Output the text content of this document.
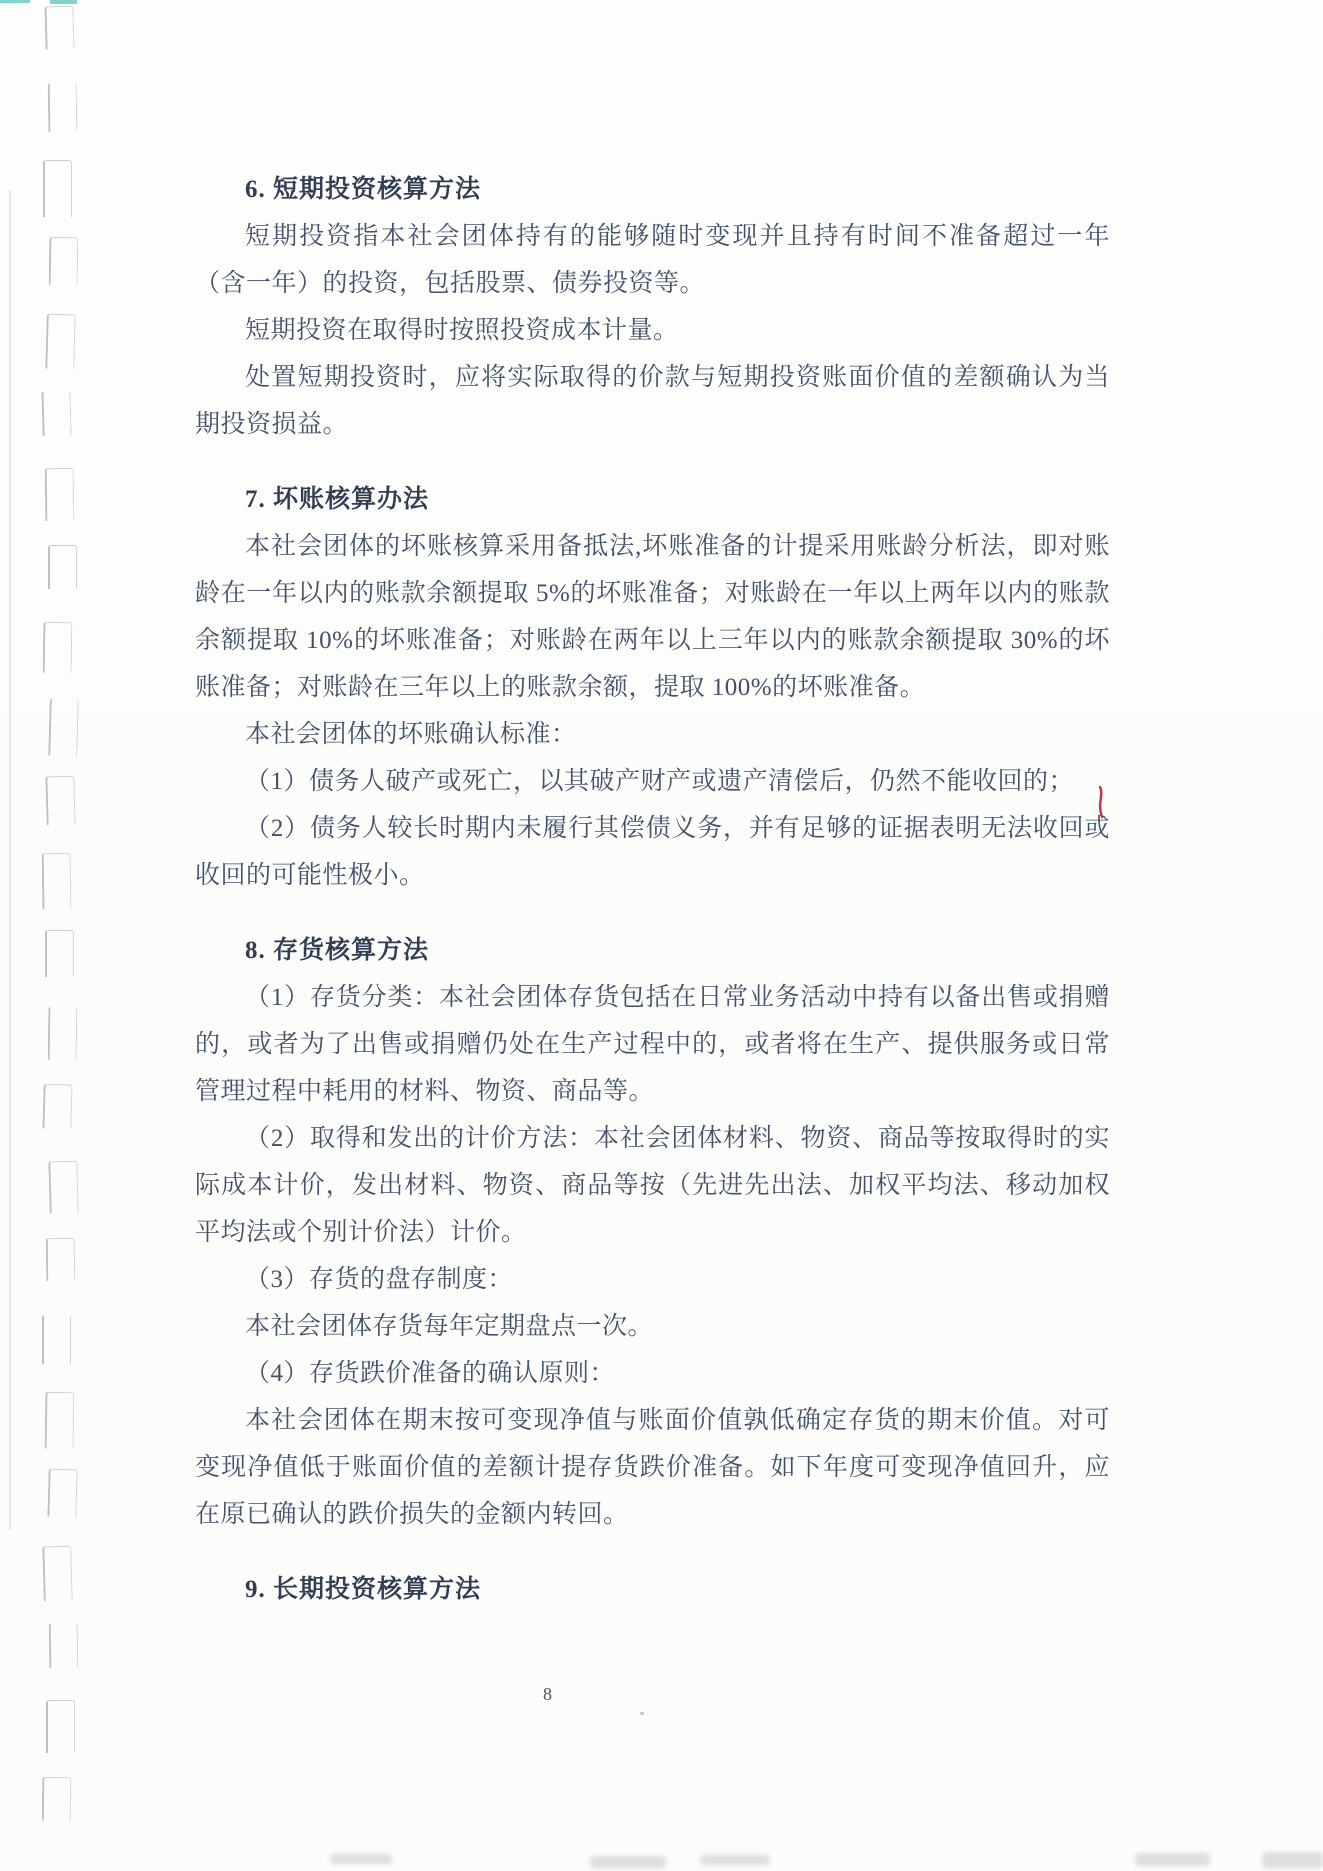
6. 短期投资核算方法

短期投资指本社会团体持有的能够随时变现并且持有时间不准备超过一年（含一年）的投资，包括股票、债券投资等。

短期投资在取得时按照投资成本计量。

处置短期投资时，应将实际取得的价款与短期投资账面价值的差额确认为当期投资损益。

7. 坏账核算办法

本社会团体的坏账核算采用备抵法,坏账准备的计提采用账龄分析法，即对账龄在一年以内的账款余额提取 5%的坏账准备；对账龄在一年以上两年以内的账款余额提取 10%的坏账准备；对账龄在两年以上三年以内的账款余额提取 30%的坏账准备；对账龄在三年以上的账款余额，提取 100%的坏账准备。

本社会团体的坏账确认标准：

（1）债务人破产或死亡，以其破产财产或遗产清偿后，仍然不能收回的；

（2）债务人较长时期内未履行其偿债义务，并有足够的证据表明无法收回或收回的可能性极小。

8. 存货核算方法

（1）存货分类：本社会团体存货包括在日常业务活动中持有以备出售或捐赠的，或者为了出售或捐赠仍处在生产过程中的，或者将在生产、提供服务或日常管理过程中耗用的材料、物资、商品等。

（2）取得和发出的计价方法：本社会团体材料、物资、商品等按取得时的实际成本计价，发出材料、物资、商品等按（先进先出法、加权平均法、移动加权平均法或个别计价法）计价。

（3）存货的盘存制度：

本社会团体存货每年定期盘点一次。

（4）存货跌价准备的确认原则：

本社会团体在期末按可变现净值与账面价值孰低确定存货的期末价值。对可变现净值低于账面价值的差额计提存货跌价准备。如下年度可变现净值回升，应在原已确认的跌价损失的金额内转回。

9. 长期投资核算方法
8
